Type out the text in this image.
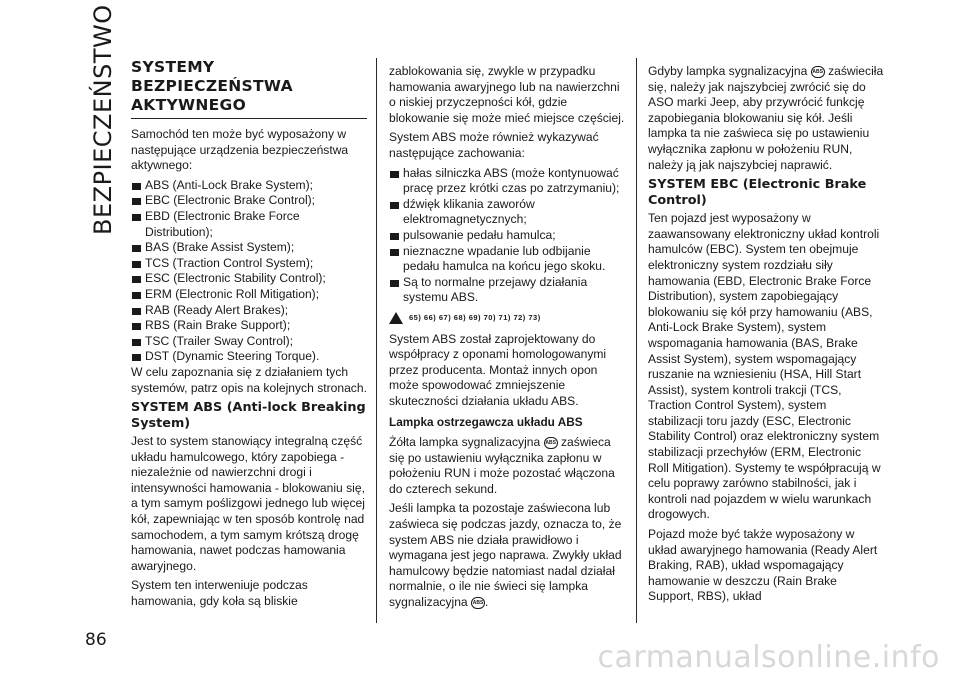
BEZPIECZEŃSTWO
86
SYSTEMY BEZPIECZEŃSTWA AKTYWNEGO

Samochód ten może być wyposażony w następujące urządzenia bezpieczeństwa aktywnego:

ABS (Anti-Lock Brake System);
EBC (Electronic Brake Control);
EBD (Electronic Brake Force Distribution);
BAS (Brake Assist System);
TCS (Traction Control System);
ESC (Electronic Stability Control);
ERM (Electronic Roll Mitigation);
RAB (Ready Alert Brakes);
RBS (Rain Brake Support);
TSC (Trailer Sway Control);
DST (Dynamic Steering Torque).

W celu zapoznania się z działaniem tych systemów, patrz opis na kolejnych stronach.

SYSTEM ABS (Anti-lock Breaking System)

Jest to system stanowiący integralną część układu hamulcowego, który zapobiega - niezależnie od nawierzchni drogi i intensywności hamowania - blokowaniu się, a tym samym poślizgowi jednego lub więcej kół, zapewniając w ten sposób kontrolę nad samochodem, a tym samym krótszą drogę hamowania, nawet podczas hamowania awaryjnego.

System ten interweniuje podczas hamowania, gdy koła są bliskie

zablokowania się, zwykle w przypadku hamowania awaryjnego lub na nawierzchni o niskiej przyczepności kół, gdzie blokowanie się może mieć miejsce częściej.

System ABS może również wykazywać następujące zachowania:

hałas silniczka ABS (może kontynuować pracę przez krótki czas po zatrzymaniu);
dźwięk klikania zaworów elektromagnetycznych;
pulsowanie pedału hamulca;
nieznaczne wpadanie lub odbijanie pedału hamulca na końcu jego skoku.
Są to normalne przejawy działania systemu ABS.
65) 66) 67) 68) 69) 70) 71) 72) 73)

System ABS został zaprojektowany do współpracy z oponami homologowanymi przez producenta. Montaż innych opon może spowodować zmniejszenie skuteczności działania układu ABS.

Lampka ostrzegawcza układu ABS

Żółta lampka sygnalizacyjna ABS zaświeca się po ustawieniu wyłącznika zapłonu w położeniu RUN i może pozostać włączona do czterech sekund.

Jeśli lampka ta pozostaje zaświecona lub zaświeca się podczas jazdy, oznacza to, że system ABS nie działa prawidłowo i wymagana jest jego naprawa. Zwykły układ hamulcowy będzie natomiast nadal działał normalnie, o ile nie świeci się lampka sygnalizacyjna ABS .

Gdyby lampka sygnalizacyjna ABS zaświeciła się, należy jak najszybciej zwrócić się do ASO marki Jeep, aby przywrócić funkcję zapobiegania blokowaniu się kół. Jeśli lampka ta nie zaświeca się po ustawieniu wyłącznika zapłonu w położeniu RUN, należy ją jak najszybciej naprawić.

SYSTEM EBC (Electronic Brake Control)

Ten pojazd jest wyposażony w zaawansowany elektroniczny układ kontroli hamulców (EBC). System ten obejmuje elektroniczny system rozdziału siły hamowania (EBD, Electronic Brake Force Distribution), system zapobiegający blokowaniu się kół przy hamowaniu (ABS, Anti-Lock Brake System), system wspomagania hamowania (BAS, Brake Assist System), system wspomagający ruszanie na wzniesieniu (HSA, Hill Start Assist), system kontroli trakcji (TCS, Traction Control System), system stabilizacji toru jazdy (ESC, Electronic Stability Control) oraz elektroniczny system stabilizacji przechyłów (ERM, Electronic Roll Mitigation). Systemy te współpracują w celu poprawy zarówno stabilności, jak i kontroli nad pojazdem w wielu warunkach drogowych.

Pojazd może być także wyposażony w układ awaryjnego hamowania (Ready Alert Braking, RAB), układ wspomagający hamowanie w deszczu (Rain Brake Support, RBS), układ

carmanualsonline.info
